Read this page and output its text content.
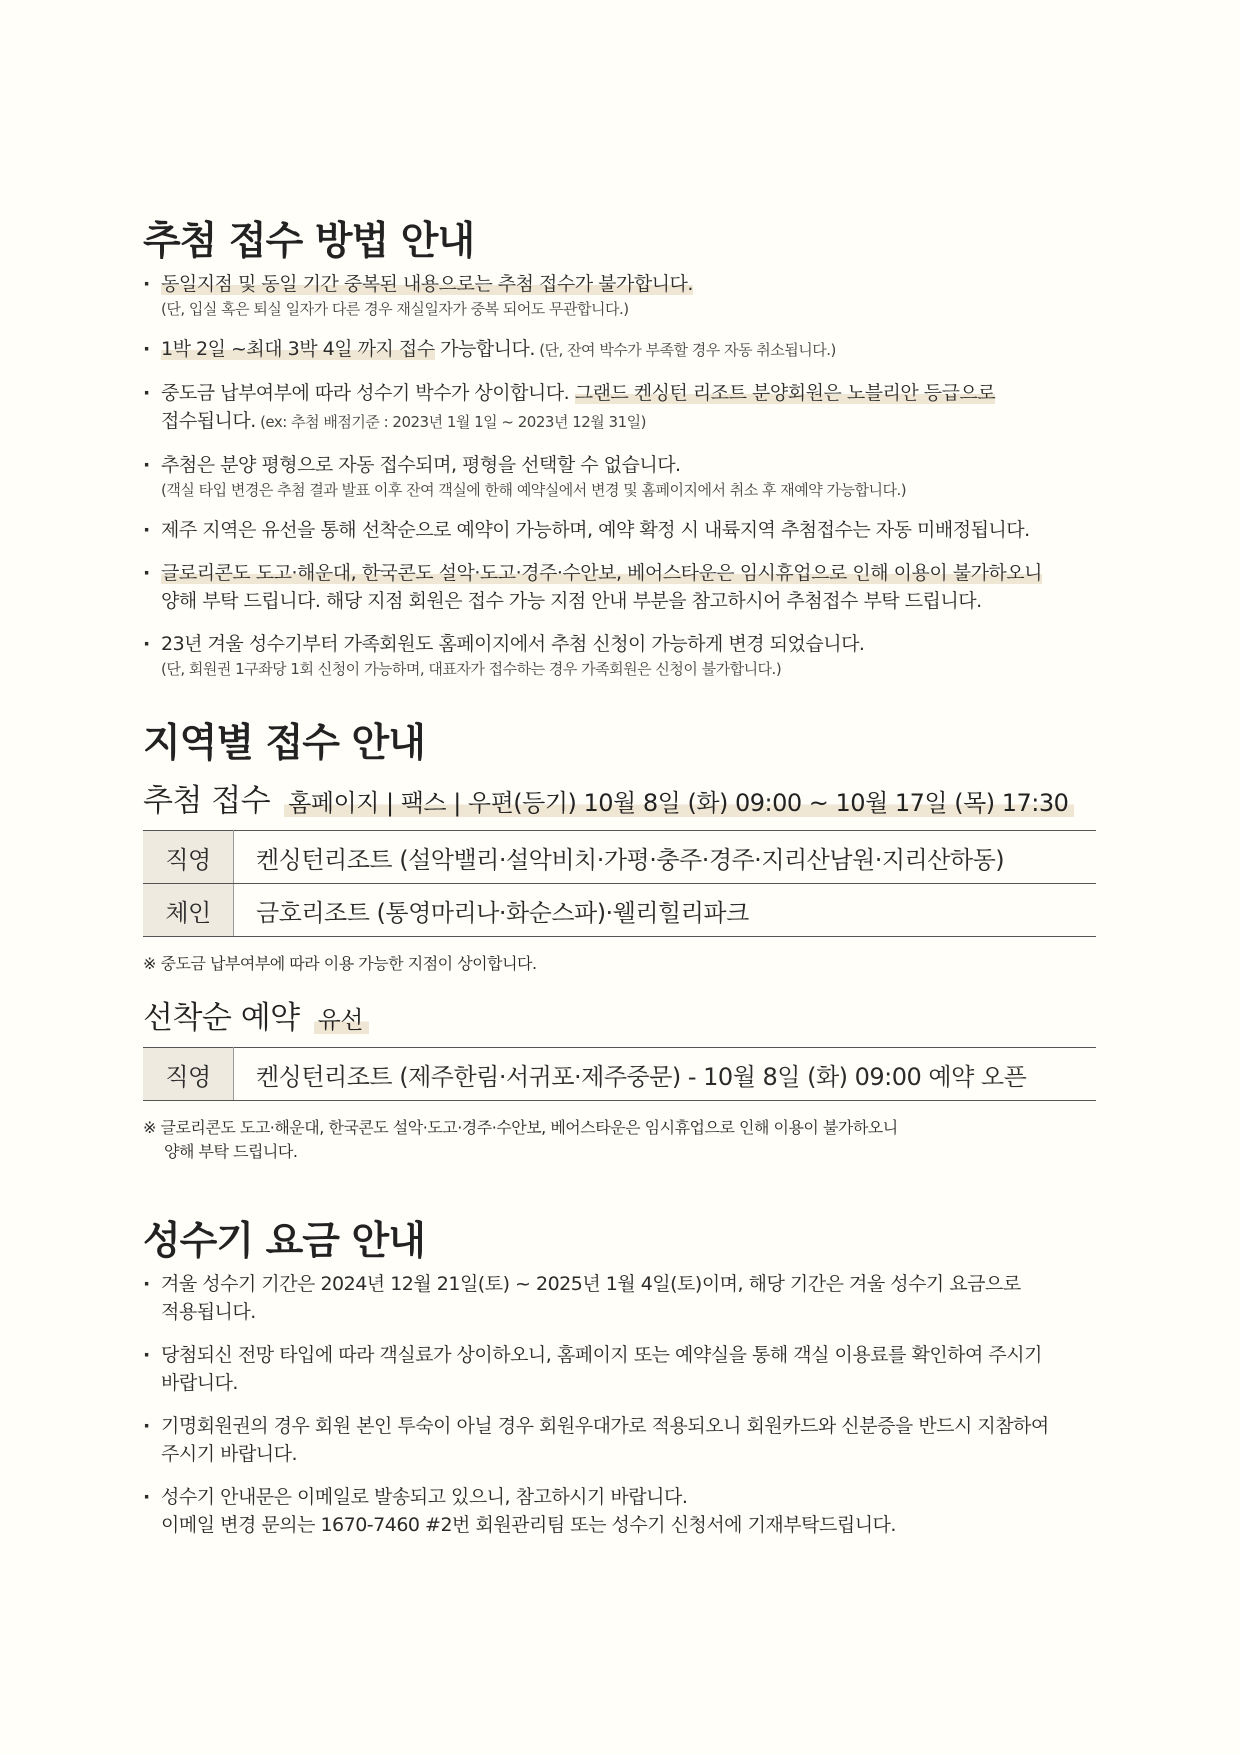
추첨 접수 방법 안내
· 동일지점 및 동일 기간 중복된 내용으로는 추첨 접수가 불가합니다.
(단, 입실 혹은 퇴실 일자가 다른 경우 재실일자가 중복 되어도 무관합니다.)
· 1박 2일 ~최대 3박 4일 까지 접수 가능합니다. (단, 잔여 박수가 부족할 경우 자동 취소됩니다.)
· 중도금 납부여부에 따라 성수기 박수가 상이합니다. 그랜드 켄싱턴 리조트 분양회원은 노블리안 등급으로
접수됩니다. (ex: 추첨 배점기준 : 2023년 1월 1일 ~ 2023년 12월 31일)
· 추첨은 분양 평형으로 자동 접수되며, 평형을 선택할 수 없습니다.
(객실 타입 변경은 추첨 결과 발표 이후 잔여 객실에 한해 예약실에서 변경 및 홈페이지에서 취소 후 재예약 가능합니다.)
· 제주 지역은 유선을 통해 선착순으로 예약이 가능하며, 예약 확정 시 내륙지역 추첨접수는 자동 미배정됩니다.
· 글로리콘도 도고·해운대, 한국콘도 설악·도고·경주·수안보, 베어스타운은 임시휴업으로 인해 이용이 불가하오니
양해 부탁 드립니다. 해당 지점 회원은 접수 가능 지점 안내 부분을 참고하시어 추첨접수 부탁 드립니다.
· 23년 겨울 성수기부터 가족회원도 홈페이지에서 추첨 신청이 가능하게 변경 되었습니다.
(단, 회원권 1구좌당 1회 신청이 가능하며, 대표자가 접수하는 경우 가족회원은 신청이 불가합니다.)
지역별 접수 안내
추첨 접수 홈페이지 | 팩스 | 우편(등기) 10월 8일 (화) 09:00 ~ 10월 17일 (목) 17:30
직영	켄싱턴리조트 (설악밸리·설악비치·가평·충주·경주·지리산남원·지리산하동)
체인	금호리조트 (통영마리나·화순스파)·웰리힐리파크
※ 중도금 납부여부에 따라 이용 가능한 지점이 상이합니다.
선착순 예약 유선
직영	켄싱턴리조트 (제주한림·서귀포·제주중문) - 10월 8일 (화) 09:00 예약 오픈
※ 글로리콘도 도고·해운대, 한국콘도 설악·도고·경주·수안보, 베어스타운은 임시휴업으로 인해 이용이 불가하오니
양해 부탁 드립니다.
성수기 요금 안내
· 겨울 성수기 기간은 2024년 12월 21일(토) ~ 2025년 1월 4일(토)이며, 해당 기간은 겨울 성수기 요금으로
적용됩니다.
· 당첨되신 전망 타입에 따라 객실료가 상이하오니, 홈페이지 또는 예약실을 통해 객실 이용료를 확인하여 주시기
바랍니다.
· 기명회원권의 경우 회원 본인 투숙이 아닐 경우 회원우대가로 적용되오니 회원카드와 신분증을 반드시 지참하여
주시기 바랍니다.
· 성수기 안내문은 이메일로 발송되고 있으니, 참고하시기 바랍니다.
이메일 변경 문의는 1670-7460 #2번 회원관리팀 또는 성수기 신청서에 기재부탁드립니다.
